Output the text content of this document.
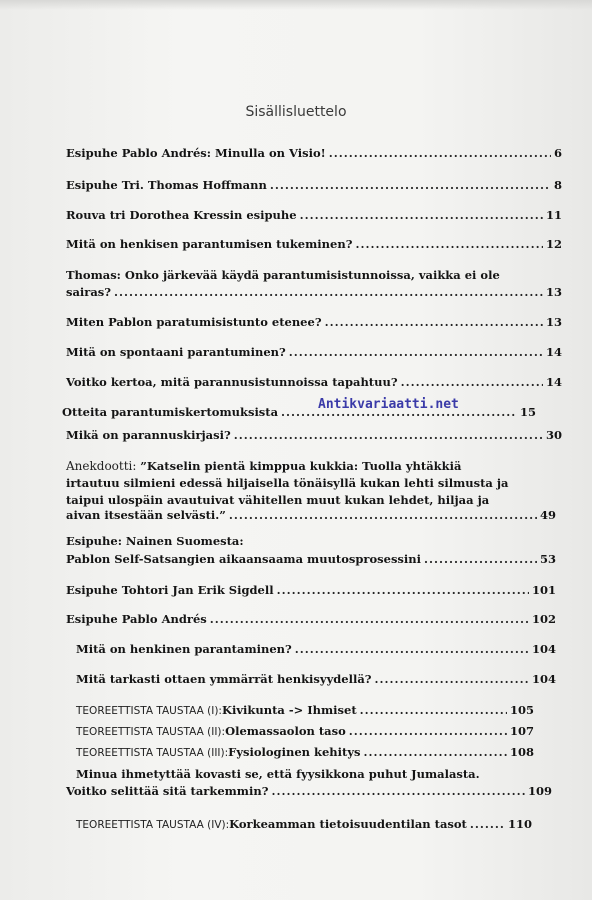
Sisällisluettelo
Esipuhe Pablo Andrés: Minulla on Visio! .....	6
Esipuhe Tri. Thomas Hoffmann .....	8
Rouva tri Dorothea Kressin esipuhe .....	11
Mitä on henkisen parantumisen tukeminen? .....	12
Thomas: Onko järkevää käydä parantumisistunnoissa, vaikka ei ole
sairas? .....	13
Miten Pablon paratumisistunto etenee? .....	13
Mitä on spontaani parantuminen? .....	14
Voitko kertoa, mitä parannusistunnoissa tapahtuu? .....	14
Otteita parantumiskertomuksista .....	15
Mikä on parannuskirjasi? .....	30
Anekdootti: ”Katselin pientä kimppua kukkia: Tuolla yhtäkkiä
irtautuu silmieni edessä hiljaisella tönäisyllä kukan lehti silmusta ja
taipui ulospäin avautuivat vähitellen muut kukan lehdet, hiljaa ja
aivan itsestään selvästi.” .....	49
Esipuhe: Nainen Suomesta:
Pablon Self-Satsangien aikaansaama muutosprosessini .....	53
Esipuhe Tohtori Jan Erik Sigdell .....	101
Esipuhe Pablo Andrés .....	102
Mitä on henkinen parantaminen? .....	104
Mitä tarkasti ottaen ymmärrät henkisyydellä? .....	104
TEOREETTISTA TAUSTAA (I): Kivikunta -> Ihmiset .....	105
TEOREETTISTA TAUSTAA (II): Olemassaolon taso .....	107
TEOREETTISTA TAUSTAA (III): Fysiologinen kehitys .....	108
Minua ihmetyttää kovasti se, että fyysikkona puhut Jumalasta.
Voitko selittää sitä tarkemmin? .....	109
TEOREETTISTA TAUSTAA (IV): Korkeamman tietoisuudentilan tasot .....	110
Antikvariaatti.net
